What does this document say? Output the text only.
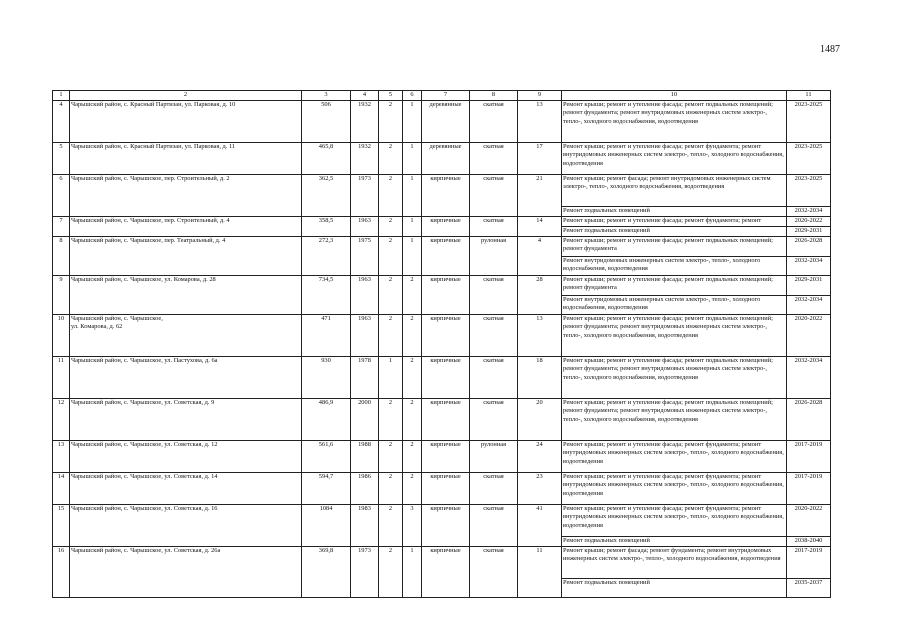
1487
1	2	3	4	5	6	7	8	9	10	11
4	Чарышский район, с. Красный Партизан, ул. Парковая, д. 10	506	1932	2	1	деревянные	скатная	13	Ремонт крыши; ремонт и утепление фасада; ремонт подвальных помещений; ремонт фундамента; ремонт внутридомовых инженерных систем электро-, тепло-, холодного водоснабжения, водоотведения	2023-2025
5	Чарышский район, с. Красный Партизан, ул. Парковая, д. 11	465,8	1932	2	1	деревянные	скатная	17	Ремонт крыши; ремонт и утепление фасада; ремонт фундамента; ремонт внутридомовых инженерных систем электро-, тепло-, холодного водоснабжения, водоотведения	2023-2025
6	Чарышский район, с. Чарышское, пер. Строительный, д. 2	362,5	1973	2	1	кирпичные	скатная	21	Ремонт крыши; ремонт фасада; ремонт внутридомовых инженерных систем электро-, тепло-, холодного водоснабжения, водоотведения	2023-2025
									Ремонт подвальных помещений	2032-2034
7	Чарышский район, с. Чарышское, пер. Строительный, д. 4	358,5	1963	2	1	кирпичные	скатная	14	Ремонт крыши; ремонт и утепление фасада; ремонт фундамента; ремонт	2020-2022
									Ремонт подвальных помещений	2029-2031
8	Чарышский район, с. Чарышское, пер. Театральный, д. 4	272,3	1975	2	1	кирпичные	рулонная	4	Ремонт крыши; ремонт и утепление фасада; ремонт подвальных помещений; ремонт фундамента	2026-2028
									Ремонт внутридомовых инженерных систем электро-, тепло-, холодного водоснабжения, водоотведения	2032-2034
9	Чарышский район, с. Чарышское, ул. Комарова, д. 28	734,5	1963	2	2	кирпичные	скатная	28	Ремонт крыши; ремонт и утепление фасада; ремонт подвальных помещений; ремонт фундамента	2029-2031
									Ремонт внутридомовых инженерных систем электро-, тепло-, холодного водоснабжения, водоотведения	2032-2034
10	Чарышский район, с. Чарышское,
ул. Комарова, д. 62	471	1963	2	2	кирпичные	скатная	13	Ремонт крыши; ремонт и утепление фасада; ремонт подвальных помещений; ремонт фундамента; ремонт внутридомовых инженерных систем электро-, тепло-, холодного водоснабжения, водоотведения	2020-2022
11	Чарышский район, с. Чарышское, ул. Пастухова, д. 6а	930	1978	1	2	кирпичные	скатная	18	Ремонт крыши; ремонт и утепление фасада; ремонт подвальных помещений; ремонт фундамента; ремонт внутридомовых инженерных систем электро-, тепло-, холодного водоснабжения, водоотведения	2032-2034
12	Чарышский район, с. Чарышское, ул. Советская, д. 9	486,9	2000	2	2	кирпичные	скатная	20	Ремонт крыши; ремонт и утепление фасада; ремонт подвальных помещений; ремонт фундамента; ремонт внутридомовых инженерных систем электро-, тепло-, холодного водоснабжения, водоотведения	2026-2028
13	Чарышский район, с. Чарышское, ул. Советская, д. 12	561,6	1988	2	2	кирпичные	рулонная	24	Ремонт крыши; ремонт и утепление фасада; ремонт фундамента; ремонт внутридомовых инженерных систем электро-, тепло-, холодного водоснабжения, водоотведения	2017-2019
14	Чарышский район, с. Чарышское, ул. Советская, д. 14	594,7	1986	2	2	кирпичные	скатная	23	Ремонт крыши; ремонт и утепление фасада; ремонт фундамента; ремонт внутридомовых инженерных систем электро-, тепло-, холодного водоснабжения, водоотведения	2017-2019
15	Чарышский район, с. Чарышское, ул. Советская, д. 16	1084	1983	2	3	кирпичные	скатная	41	Ремонт крыши; ремонт и утепление фасада; ремонт фундамента; ремонт внутридомовых инженерных систем электро-, тепло-, холодного водоснабжения, водоотведения	2020-2022
									Ремонт подвальных помещений	2038-2040
16	Чарышский район, с. Чарышское, ул. Советская, д. 26а	369,8	1973	2	1	кирпичные	скатная	11	Ремонт крыши; ремонт фасада; ремонт фундамента; ремонт внутридомовых инженерных систем электро-, тепло-, холодного водоснабжения, водоотведения	2017-2019
									Ремонт подвальных помещений	2035-2037
